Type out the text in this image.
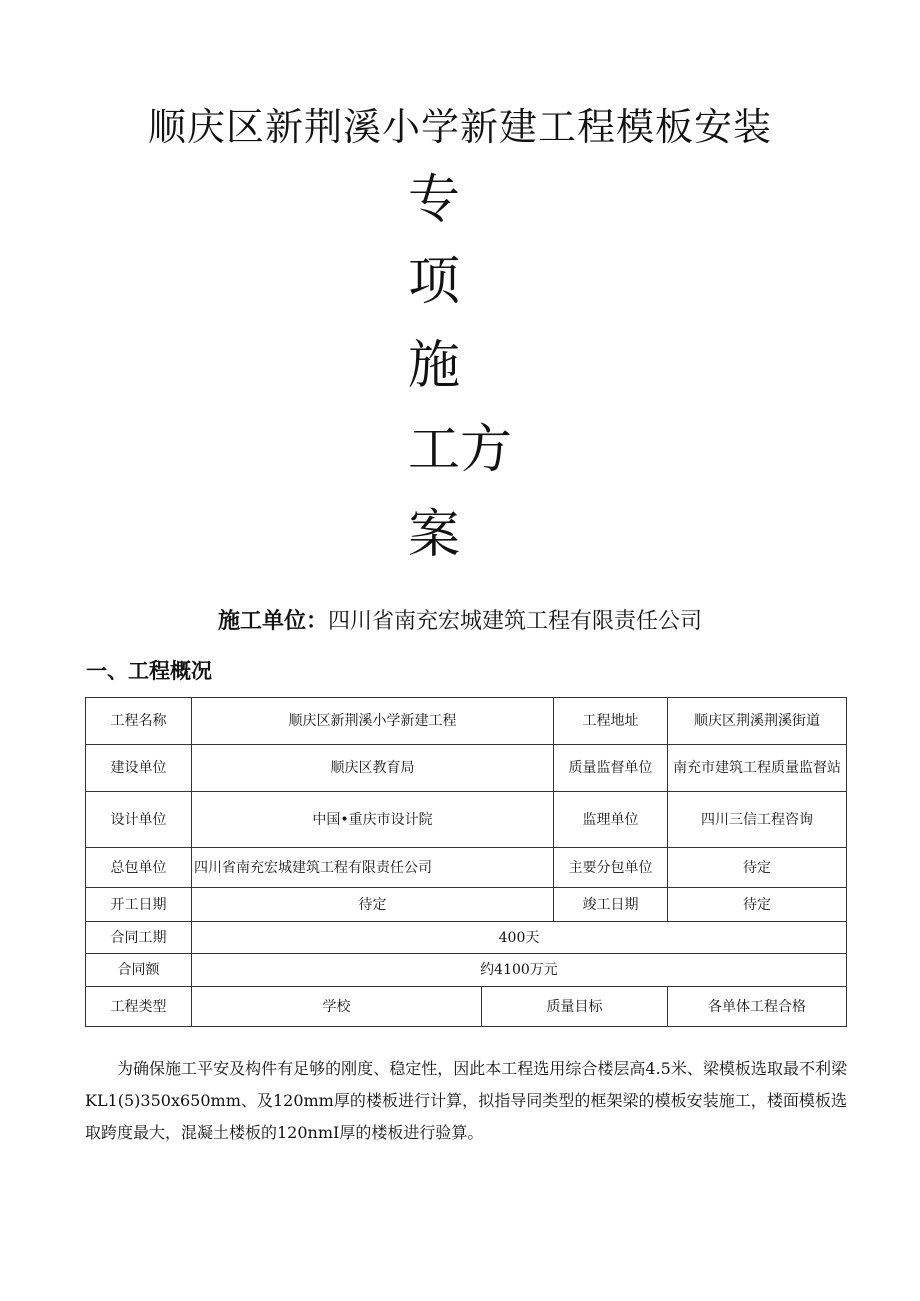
顺庆区新荆溪小学新建工程模板安装
专
项
施
工方
案
施工单位：四川省南充宏城建筑工程有限责任公司
一、工程概况
工程名称	顺庆区新荆溪小学新建工程		工程地址	顺庆区荆溪荆溪街道
建设单位	顺庆区教育局		质量监督单位	南充市建筑工程质量监督站
设计单位	中国•重庆市设计院		监理单位	四川三信工程咨询
总包单位	四川省南充宏城建筑工程有限责任公司		主要分包单位	待定
开工日期	待定		竣工日期	待定
合同工期	400天			
合同额	约4100万元			
工程类型	学校	质量目标		各单体工程合格

为确保施工平安及构件有足够的刚度、稳定性，因此本工程选用综合楼层高4.5米、梁模板选取最不利梁KL1(5)350x650mm、及120mm厚的楼板进行计算，拟指导同类型的框架梁的模板安装施工，楼面模板选取跨度最大，混凝土楼板的120nmI厚的楼板进行验算。
